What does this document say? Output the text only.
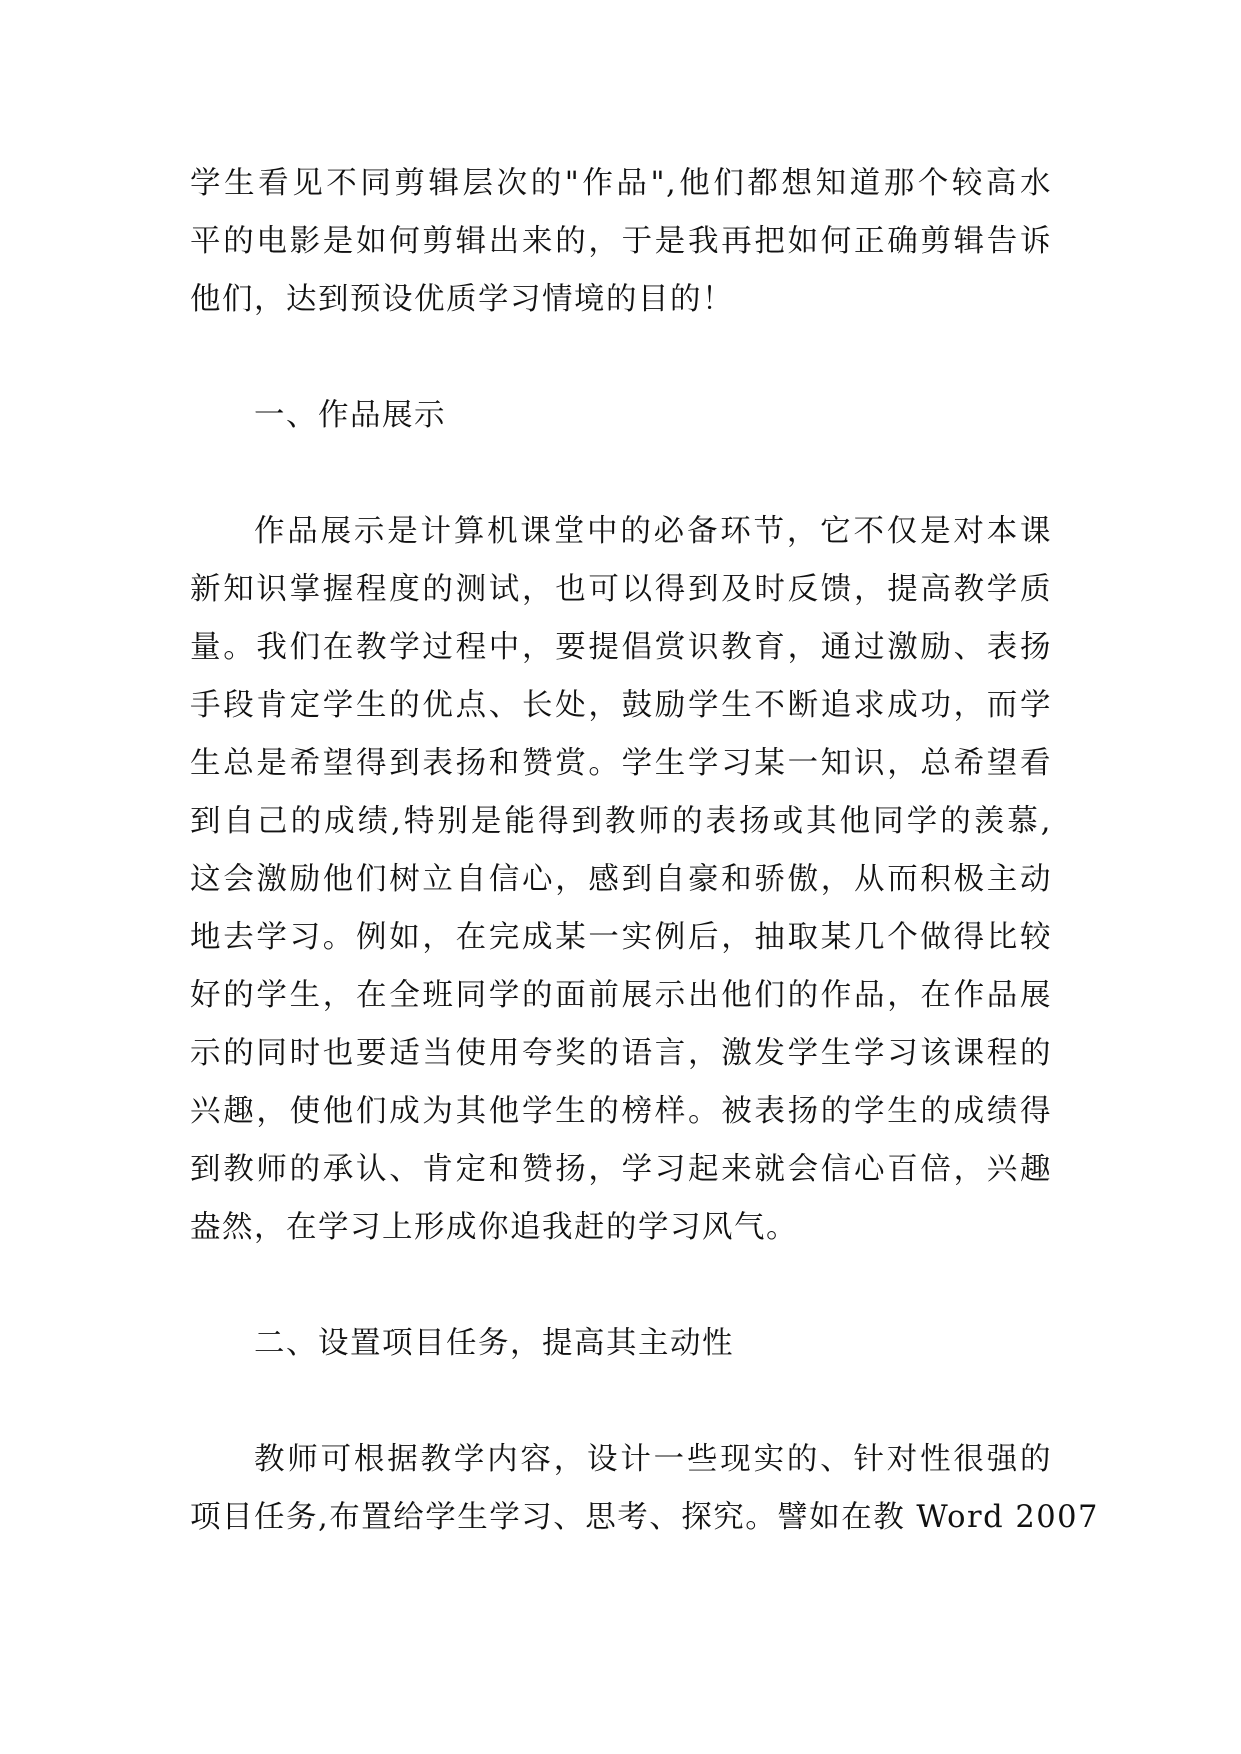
学生看见不同剪辑层次的"作品",他们都想知道那个较高水
平的电影是如何剪辑出来的，于是我再把如何正确剪辑告诉
他们，达到预设优质学习情境的目的！
一、作品展示
作品展示是计算机课堂中的必备环节，它不仅是对本课
新知识掌握程度的测试，也可以得到及时反馈，提高教学质
量。我们在教学过程中，要提倡赏识教育，通过激励、表扬
手段肯定学生的优点、长处，鼓励学生不断追求成功，而学
生总是希望得到表扬和赞赏。学生学习某一知识，总希望看
到自己的成绩,特别是能得到教师的表扬或其他同学的羡慕,
这会激励他们树立自信心，感到自豪和骄傲，从而积极主动
地去学习。例如，在完成某一实例后，抽取某几个做得比较
好的学生，在全班同学的面前展示出他们的作品，在作品展
示的同时也要适当使用夸奖的语言，激发学生学习该课程的
兴趣，使他们成为其他学生的榜样。被表扬的学生的成绩得
到教师的承认、肯定和赞扬，学习起来就会信心百倍，兴趣
盎然，在学习上形成你追我赶的学习风气。
二、设置项目任务，提高其主动性
教师可根据教学内容，设计一些现实的、针对性很强的
项目任务,布置给学生学习、思考、探究。譬如在教 Word 2007
